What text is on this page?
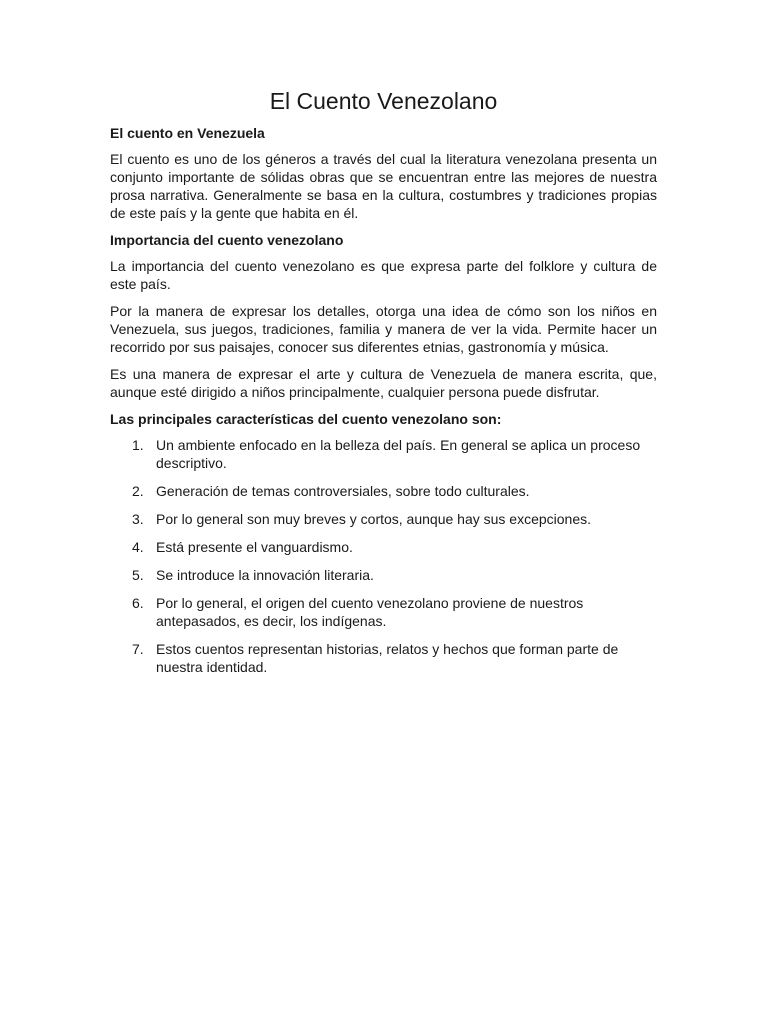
El Cuento Venezolano

El cuento en Venezuela

El cuento es uno de los géneros a través del cual la literatura venezolana presenta un conjunto importante de sólidas obras que se encuentran entre las mejores de nuestra prosa narrativa. Generalmente se basa en la cultura, costumbres y tradiciones propias de este país y la gente que habita en él.

Importancia del cuento venezolano

La importancia del cuento venezolano es que expresa parte del folklore y cultura de este país.

Por la manera de expresar los detalles, otorga una idea de cómo son los niños en Venezuela, sus juegos, tradiciones, familia y manera de ver la vida. Permite hacer un recorrido por sus paisajes, conocer sus diferentes etnias, gastronomía y música.

Es una manera de expresar el arte y cultura de Venezuela de manera escrita, que, aunque esté dirigido a niños principalmente, cualquier persona puede disfrutar.

Las principales características del cuento venezolano son:

1. Un ambiente enfocado en la belleza del país. En general se aplica un proceso descriptivo.
2. Generación de temas controversiales, sobre todo culturales.
3. Por lo general son muy breves y cortos, aunque hay sus excepciones.
4. Está presente el vanguardismo.
5. Se introduce la innovación literaria.
6. Por lo general, el origen del cuento venezolano proviene de nuestros antepasados, es decir, los indígenas.
7. Estos cuentos representan historias, relatos y hechos que forman parte de nuestra identidad.
